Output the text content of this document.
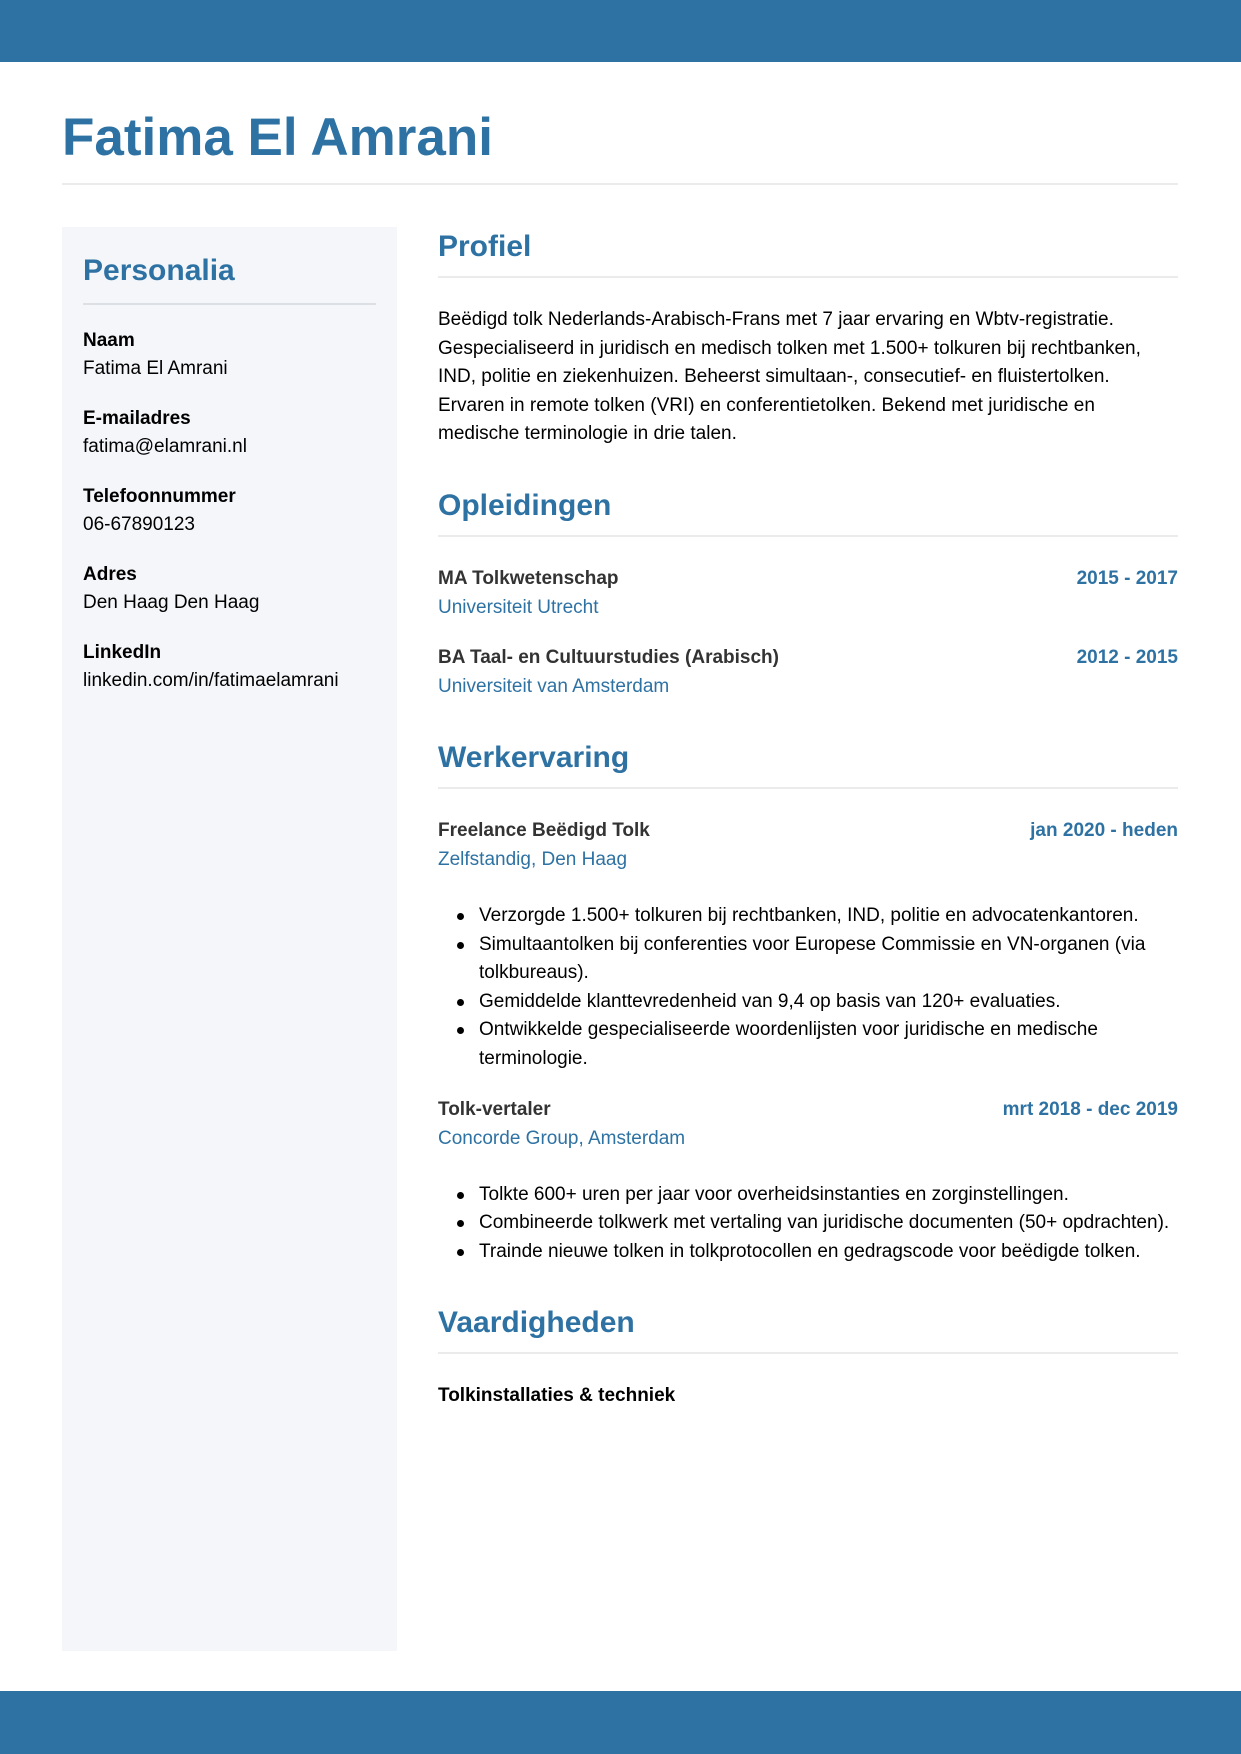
Fatima El Amrani
Personalia
Naam
Fatima El Amrani
E-mailadres
fatima@elamrani.nl
Telefoonnummer
06-67890123
Adres
Den Haag Den Haag
LinkedIn
linkedin.com/in/fatimaelamrani
Profiel

Beëdigd tolk Nederlands-Arabisch-Frans met 7 jaar ervaring en Wbtv-registratie. Gespecialiseerd in juridisch en medisch tolken met 1.500+ tolkuren bij rechtbanken, IND, politie en ziekenhuizen. Beheerst simultaan-, consecutief- en fluistertolken. Ervaren in remote tolken (VRI) en conferentietolken. Bekend met juridische en medische terminologie in drie talen.

Opleidingen
MA Tolkwetenschap	2015 - 2017
Universiteit Utrecht
BA Taal- en Cultuurstudies (Arabisch)	2012 - 2015
Universiteit van Amsterdam
Werkervaring
Freelance Beëdigd Tolk	jan 2020 - heden
Zelfstandig, Den Haag
Verzorgde 1.500+ tolkuren bij rechtbanken, IND, politie en advocatenkantoren.
Simultaantolken bij conferenties voor Europese Commissie en VN-organen (via tolkbureaus).
Gemiddelde klanttevredenheid van 9,4 op basis van 120+ evaluaties.
Ontwikkelde gespecialiseerde woordenlijsten voor juridische en medische terminologie.
Tolk-vertaler	mrt 2018 - dec 2019
Concorde Group, Amsterdam
Tolkte 600+ uren per jaar voor overheidsinstanties en zorginstellingen.
Combineerde tolkwerk met vertaling van juridische documenten (50+ opdrachten).
Trainde nieuwe tolken in tolkprotocollen en gedragscode voor beëdigde tolken.
Vaardigheden
Tolkinstallaties & techniek
